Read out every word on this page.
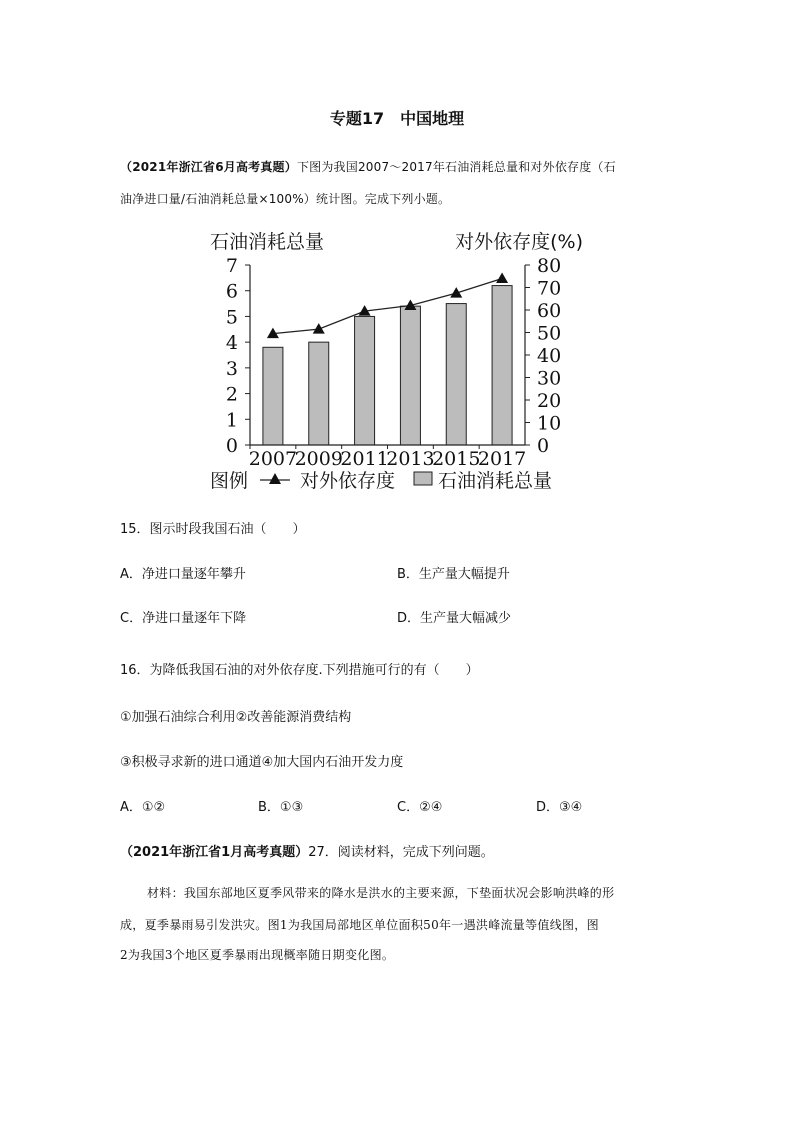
专题17　中国地理
（2021年浙江省6月高考真题）下图为我国2007～2017年石油消耗总量和对外依存度（石
油净进口量/石油消耗总量×100%）统计图。完成下列小题。
0
1
2
3
4
5
6
7
0
10
20
30
40
50
60
70
80
2007
2009
2011
2013
2015
2017
石油消耗总量	对外依存度(%)
图例	对外依存度 石油消耗总量
15．图示时段我国石油（　　）
A．净进口量逐年攀升	B．生产量大幅提升
C．净进口量逐年下降	D．生产量大幅减少
16．为降低我国石油的对外依存度.下列措施可行的有（　　）
①加强石油综合利用②改善能源消费结构
③积极寻求新的进口通道④加大国内石油开发力度
A．①②	B．①③	C．②④	D．③④
（2021年浙江省1月高考真题）27．阅读材料，完成下列问题。
材料：我国东部地区夏季风带来的降水是洪水的主要来源，下垫面状况会影响洪峰的形
成，夏季暴雨易引发洪灾。图1为我国局部地区单位面积50年一遇洪峰流量等值线图，图
2为我国3个地区夏季暴雨出现概率随日期变化图。
